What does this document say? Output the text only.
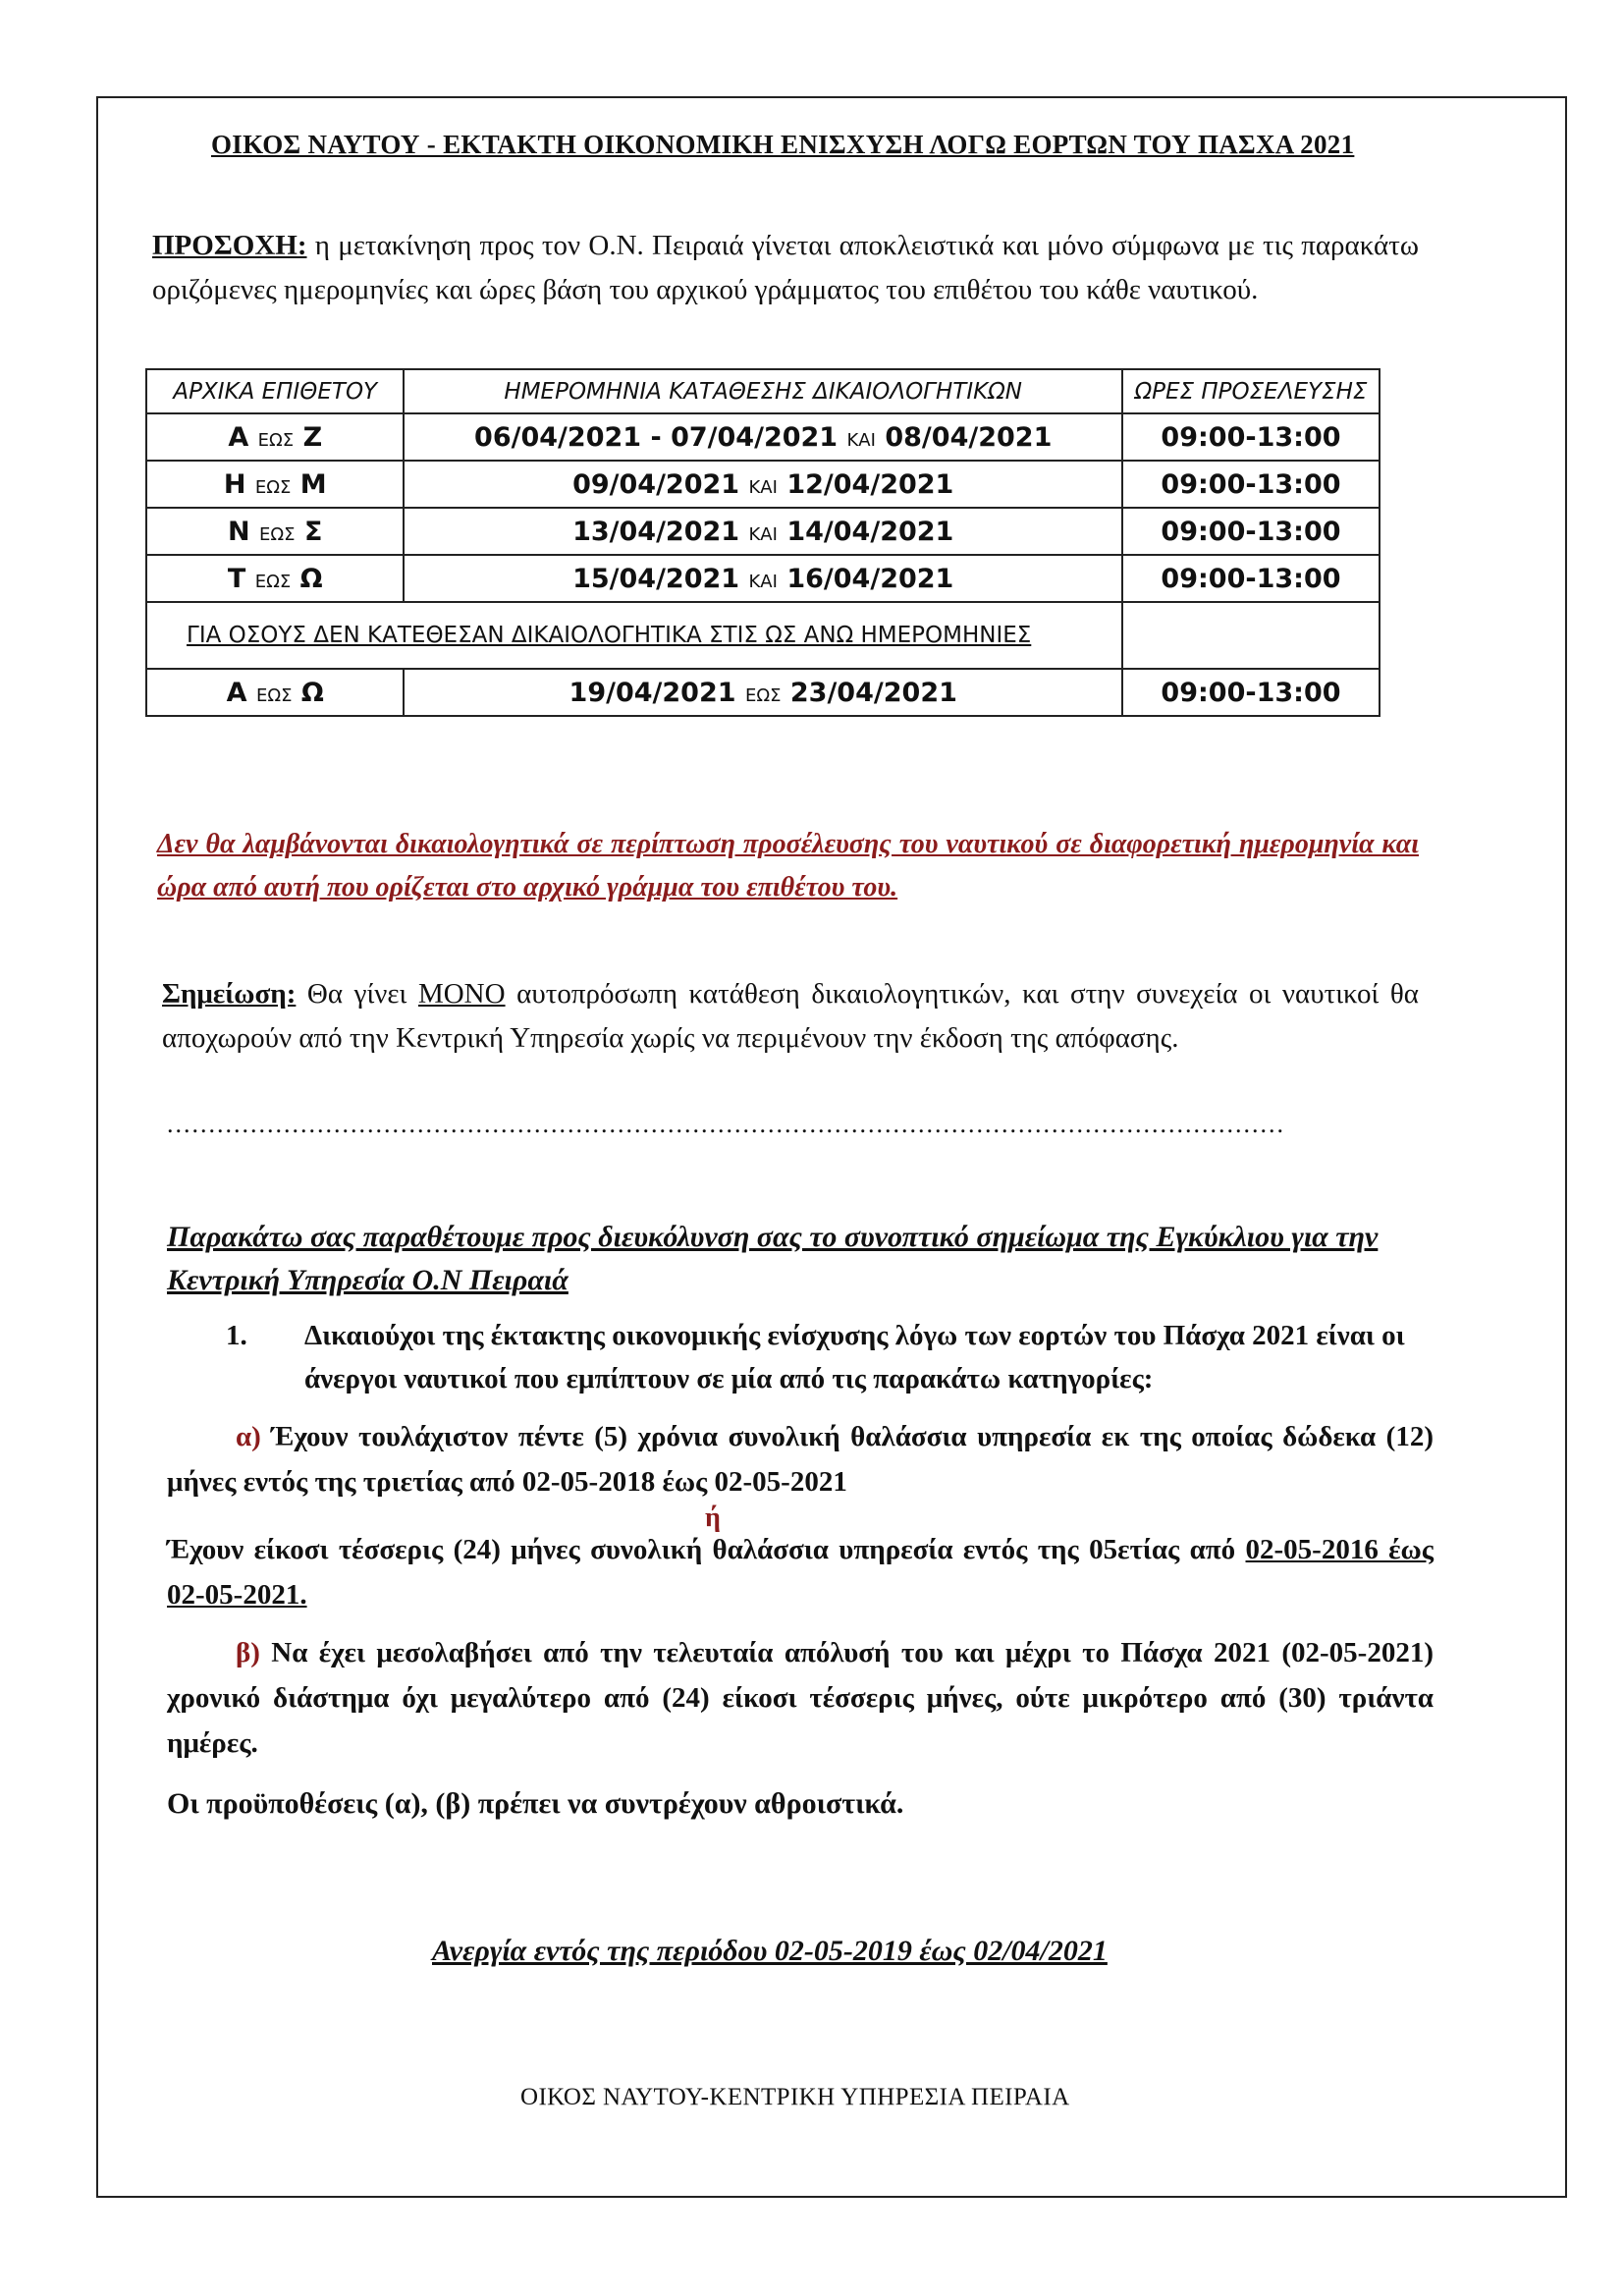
ΟΙΚΟΣ ΝΑΥΤΟΥ - ΕΚΤΑΚΤΗ ΟΙΚΟΝΟΜΙΚΗ ΕΝΙΣΧΥΣΗ ΛΟΓΩ ΕΟΡΤΩΝ ΤΟΥ ΠΑΣΧΑ 2021
ΠΡΟΣΟΧΗ: η μετακίνηση προς τον Ο.Ν. Πειραιά γίνεται αποκλειστικά και μόνο σύμφωνα με τις παρακάτω οριζόμενες ημερομηνίες και ώρες βάση του αρχικού γράμματος του επιθέτου του κάθε ναυτικού.
ΑΡΧΙΚΑ ΕΠΙΘΕΤΟΥ	ΗΜΕΡΟΜΗΝΙΑ ΚΑΤΑΘΕΣΗΣ ΔΙΚΑΙΟΛΟΓΗΤΙΚΩΝ	ΩΡΕΣ ΠΡΟΣΕΛΕΥΣΗΣ
Α ΕΩΣ Ζ	06/04/2021 - 07/04/2021 ΚΑΙ 08/04/2021	09:00-13:00
Η ΕΩΣ Μ	09/04/2021 ΚΑΙ 12/04/2021	09:00-13:00
Ν ΕΩΣ Σ	13/04/2021 ΚΑΙ 14/04/2021	09:00-13:00
Τ ΕΩΣ Ω	15/04/2021 ΚΑΙ 16/04/2021	09:00-13:00
ΓΙΑ ΟΣΟΥΣ ΔΕΝ ΚΑΤΕΘΕΣΑΝ ΔΙΚΑΙΟΛΟΓΗΤΙΚΑ ΣΤΙΣ ΩΣ ΑΝΩ ΗΜΕΡΟΜΗΝΙΕΣ		
Α ΕΩΣ Ω	19/04/2021 ΕΩΣ 23/04/2021	09:00-13:00
Δεν θα λαμβάνονται δικαιολογητικά σε περίπτωση προσέλευσης του ναυτικού σε διαφορετική ημερομηνία και ώρα από αυτή που ορίζεται στο αρχικό γράμμα του επιθέτου του.
Σημείωση: Θα γίνει ΜΟΝΟ αυτοπρόσωπη κατάθεση δικαιολογητικών, και στην συνεχεία οι ναυτικοί θα αποχωρούν από την Κεντρική Υπηρεσία χωρίς να περιμένουν την έκδοση της απόφασης.
......................................................................................................................................
Παρακάτω σας παραθέτουμε προς διευκόλυνση σας το συνοπτικό σημείωμα της Εγκύκλιου για την Κεντρική Υπηρεσία Ο.Ν Πειραιά
1. Δικαιούχοι της έκτακτης οικονομικής ενίσχυσης λόγω των εορτών του Πάσχα 2021 είναι οι άνεργοι ναυτικοί που εμπίπτουν σε μία από τις παρακάτω κατηγορίες:
α) Έχουν τουλάχιστον πέντε (5) χρόνια συνολική θαλάσσια υπηρεσία εκ της οποίας δώδεκα (12) μήνες εντός της τριετίας από 02-05-2018 έως 02-05-2021
ή
Έχουν είκοσι τέσσερις (24) μήνες συνολική θαλάσσια υπηρεσία εντός της 05ετίας από 02-05-2016 έως 02-05-2021.
β) Να έχει μεσολαβήσει από την τελευταία απόλυσή του και μέχρι το Πάσχα 2021 (02-05-2021) χρονικό διάστημα όχι μεγαλύτερο από (24) είκοσι τέσσερις μήνες, ούτε μικρότερο από (30) τριάντα ημέρες.
Οι προϋποθέσεις (α), (β) πρέπει να συντρέχουν αθροιστικά.
Ανεργία εντός της περιόδου 02-05-2019 έως 02/04/2021
ΟΙΚΟΣ ΝΑΥΤΟΥ-ΚΕΝΤΡΙΚΗ ΥΠΗΡΕΣΙΑ ΠΕΙΡΑΙΑ
